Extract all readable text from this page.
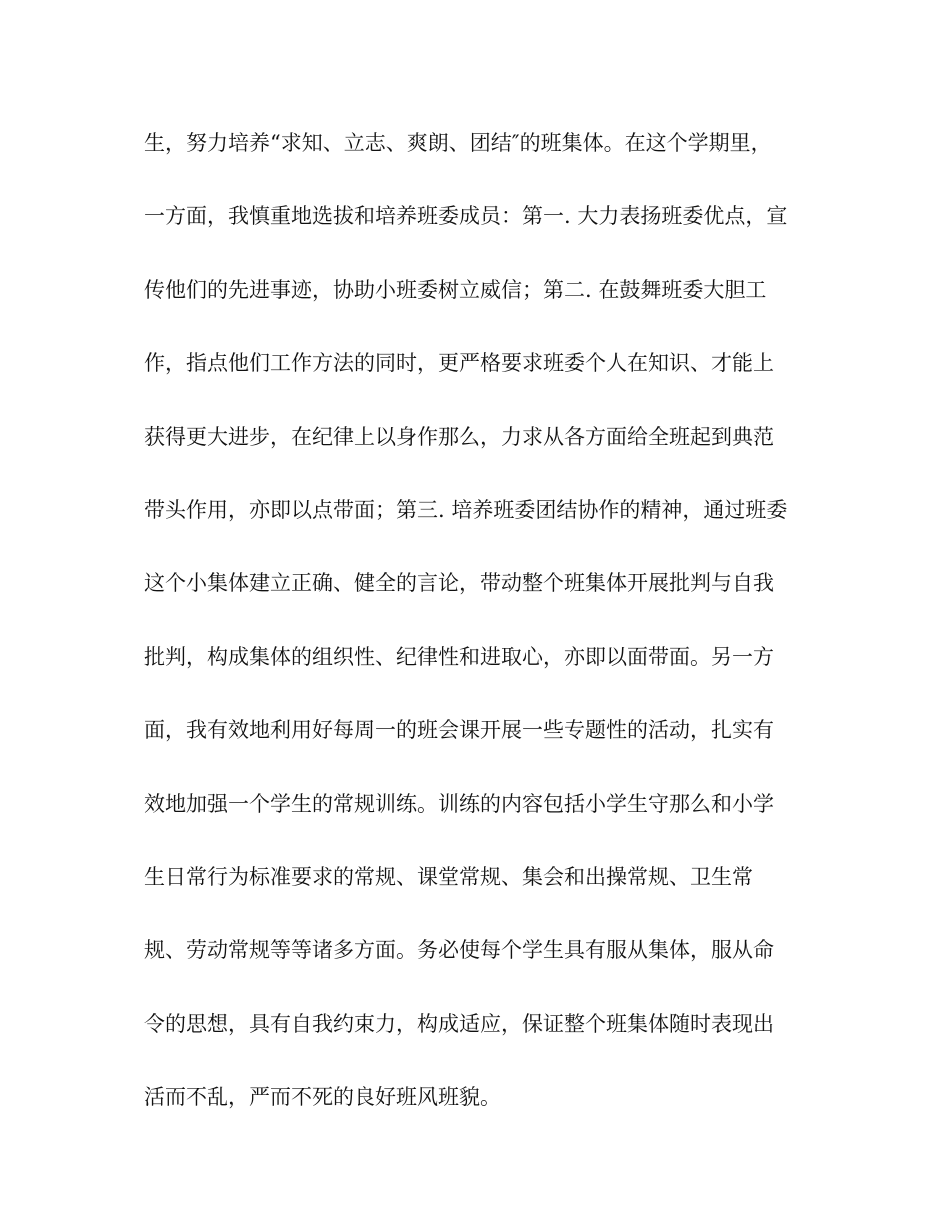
生，努力培养“求知、立志、爽朗、团结″的班集体。在这个学期里，
一方面，我慎重地选拔和培养班委成员：第一. 大力表扬班委优点，宣
传他们的先进事迹，协助小班委树立威信；第二. 在鼓舞班委大胆工
作，指点他们工作方法的同时，更严格要求班委个人在知识、才能上
获得更大进步，在纪律上以身作那么，力求从各方面给全班起到典范
带头作用，亦即以点带面；第三. 培养班委团结协作的精神，通过班委
这个小集体建立正确、健全的言论，带动整个班集体开展批判与自我
批判，构成集体的组织性、纪律性和进取心，亦即以面带面。另一方
面，我有效地利用好每周一的班会课开展一些专题性的活动，扎实有
效地加强一个学生的常规训练。训练的内容包括小学生守那么和小学
生日常行为标准要求的常规、课堂常规、集会和出操常规、卫生常
规、劳动常规等等诸多方面。务必使每个学生具有服从集体，服从命
令的思想，具有自我约束力，构成适应，保证整个班集体随时表现出
活而不乱，严而不死的良好班风班貌。
